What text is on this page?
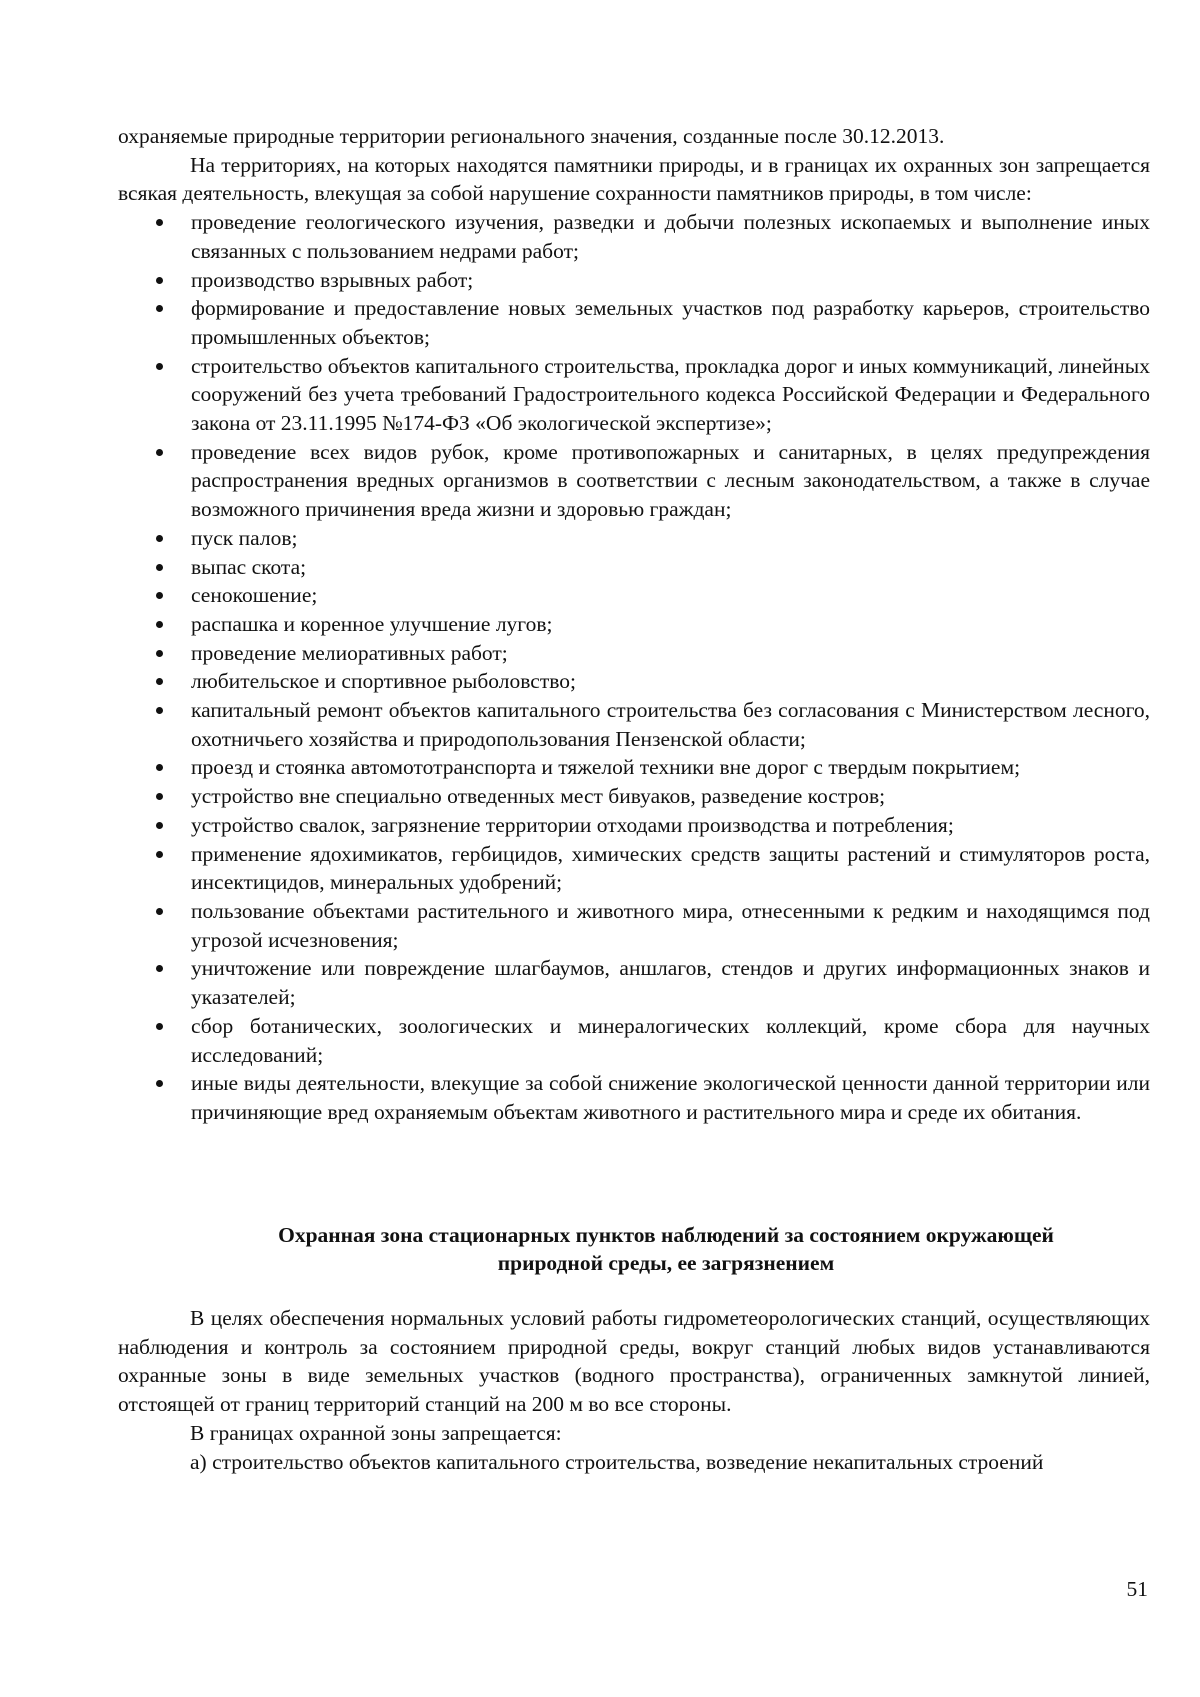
охраняемые природные территории регионального значения, созданные после 30.12.2013.

На территориях, на которых находятся памятники природы, и в границах их охранных зон запрещается всякая деятельность, влекущая за собой нарушение сохранности памятников природы, в том числе:

проведение геологического изучения, разведки и добычи полезных ископаемых и выполнение иных связанных с пользованием недрами работ;
производство взрывных работ;
формирование и предоставление новых земельных участков под разработку карьеров, строительство промышленных объектов;
строительство объектов капитального строительства, прокладка дорог и иных коммуникаций, линейных сооружений без учета требований Градостроительного кодекса Российской Федерации и Федерального закона от 23.11.1995 №174-ФЗ «Об экологической экспертизе»;
проведение всех видов рубок, кроме противопожарных и санитарных, в целях предупреждения распространения вредных организмов в соответствии с лесным законодательством, а также в случае возможного причинения вреда жизни и здоровью граждан;
пуск палов;
выпас скота;
сенокошение;
распашка и коренное улучшение лугов;
проведение мелиоративных работ;
любительское и спортивное рыболовство;
капитальный ремонт объектов капитального строительства без согласования с Министерством лесного, охотничьего хозяйства и природопользования Пензенской области;
проезд и стоянка автомототранспорта и тяжелой техники вне дорог с твердым покрытием;
устройство вне специально отведенных мест бивуаков, разведение костров;
устройство свалок, загрязнение территории отходами производства и потребления;
применение ядохимикатов, гербицидов, химических средств защиты растений и стимуляторов роста, инсектицидов, минеральных удобрений;
пользование объектами растительного и животного мира, отнесенными к редким и находящимся под угрозой исчезновения;
уничтожение или повреждение шлагбаумов, аншлагов, стендов и других информационных знаков и указателей;
сбор ботанических, зоологических и минералогических коллекций, кроме сбора для научных исследований;
иные виды деятельности, влекущие за собой снижение экологической ценности данной территории или причиняющие вред охраняемым объектам животного и растительного мира и среде их обитания.
Охранная зона стационарных пунктов наблюдений за состоянием окружающей
природной среды, ее загрязнением

В целях обеспечения нормальных условий работы гидрометеорологических станций, осуществляющих наблюдения и контроль за состоянием природной среды, вокруг станций любых видов устанавливаются охранные зоны в виде земельных участков (водного пространства), ограниченных замкнутой линией, отстоящей от границ территорий станций на 200 м во все стороны.

В границах охранной зоны запрещается:

а) строительство объектов капитального строительства, возведение некапитальных строений

51
